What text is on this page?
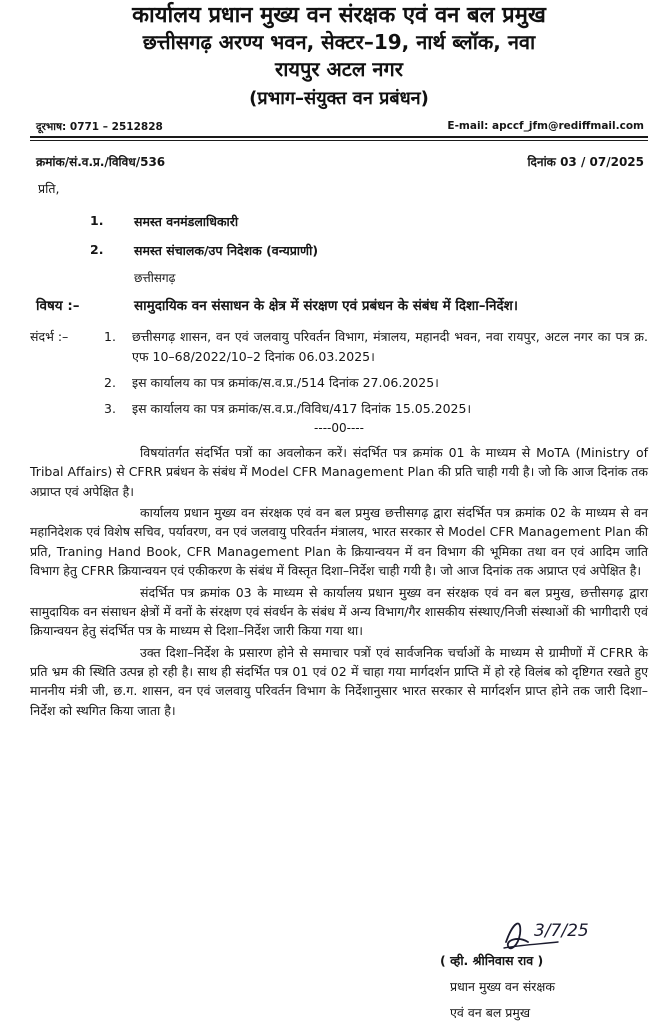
कार्यालय प्रधान मुख्य वन संरक्षक एवं वन बल प्रमुख
छत्तीसगढ़ अरण्य भवन, सेक्टर–19, नार्थ ब्लॉक, नवा
रायपुर अटल नगर
(प्रभाग–संयुक्त वन प्रबंधन)
दूरभाष: 0771 – 2512828	E-mail: apccf_jfm@rediffmail.com
क्रमांक/सं.व.प्र./विविध/536	दिनांक 03 / 07/2025
प्रति,
1.	समस्त वनमंडलाधिकारी
2.	समस्त संचालक/उप निदेशक (वन्यप्राणी)
छत्तीसगढ़
विषय :–	सामुदायिक वन संसाधन के क्षेत्र में संरक्षण एवं प्रबंधन के संबंध में दिशा–निर्देश।
संदर्भ :–	1.	छत्तीसगढ़ शासन, वन एवं जलवायु परिवर्तन विभाग, मंत्रालय, महानदी भवन, नवा रायपुर, अटल नगर का पत्र क्र. एफ 10–68/2022/10–2 दिनांक 06.03.2025।
2.	इस कार्यालय का पत्र क्रमांक/स.व.प्र./514 दिनांक 27.06.2025।
3.	इस कार्यालय का पत्र क्रमांक/स.व.प्र./विविध/417 दिनांक 15.05.2025।
----00----

विषयांतर्गत संदर्भित पत्रों का अवलोकन करें। संदर्भित पत्र क्रमांक 01 के माध्यम से MoTA (Ministry of Tribal Affairs) से CFRR प्रबंधन के संबंध में Model CFR Management Plan की प्रति चाही गयी है। जो कि आज दिनांक तक अप्राप्त एवं अपेक्षित है।

कार्यालय प्रधान मुख्य वन संरक्षक एवं वन बल प्रमुख छत्तीसगढ़ द्वारा संदर्भित पत्र क्रमांक 02 के माध्यम से वन महानिदेशक एवं विशेष सचिव, पर्यावरण, वन एवं जलवायु परिवर्तन मंत्रालय, भारत सरकार से Model CFR Management Plan की प्रति, Traning Hand Book, CFR Management Plan के क्रियान्वयन में वन विभाग की भूमिका तथा वन एवं आदिम जाति विभाग हेतु CFRR क्रियान्वयन एवं एकीकरण के संबंध में विस्तृत दिशा–निर्देश चाही गयी है। जो आज दिनांक तक अप्राप्त एवं अपेक्षित है।

संदर्भित पत्र क्रमांक 03 के माध्यम से कार्यालय प्रधान मुख्य वन संरक्षक एवं वन बल प्रमुख, छत्तीसगढ़ द्वारा सामुदायिक वन संसाधन क्षेत्रों में वनों के संरक्षण एवं संवर्धन के संबंध में अन्य विभाग/गैर शासकीय संस्थाए/निजी संस्थाओं की भागीदारी एवं क्रियान्वयन हेतु संदर्भित पत्र के माध्यम से दिशा–निर्देश जारी किया गया था।

उक्त दिशा–निर्देश के प्रसारण होने से समाचार पत्रों एवं सार्वजनिक चर्चाओं के माध्यम से ग्रामीणों में CFRR के प्रति भ्रम की स्थिति उत्पन्न हो रही है। साथ ही संदर्भित पत्र 01 एवं 02 में चाहा गया मार्गदर्शन प्राप्ति में हो रहे विलंब को दृष्टिगत रखते हुए माननीय मंत्री जी, छ.ग. शासन, वन एवं जलवायु परिवर्तन विभाग के निर्देशानुसार भारत सरकार से मार्गदर्शन प्राप्त होने तक जारी दिशा–निर्देश को स्थगित किया जाता है।

3/7/25
( व्ही. श्रीनिवास राव )
प्रधान मुख्य वन संरक्षक
एवं वन बल प्रमुख
